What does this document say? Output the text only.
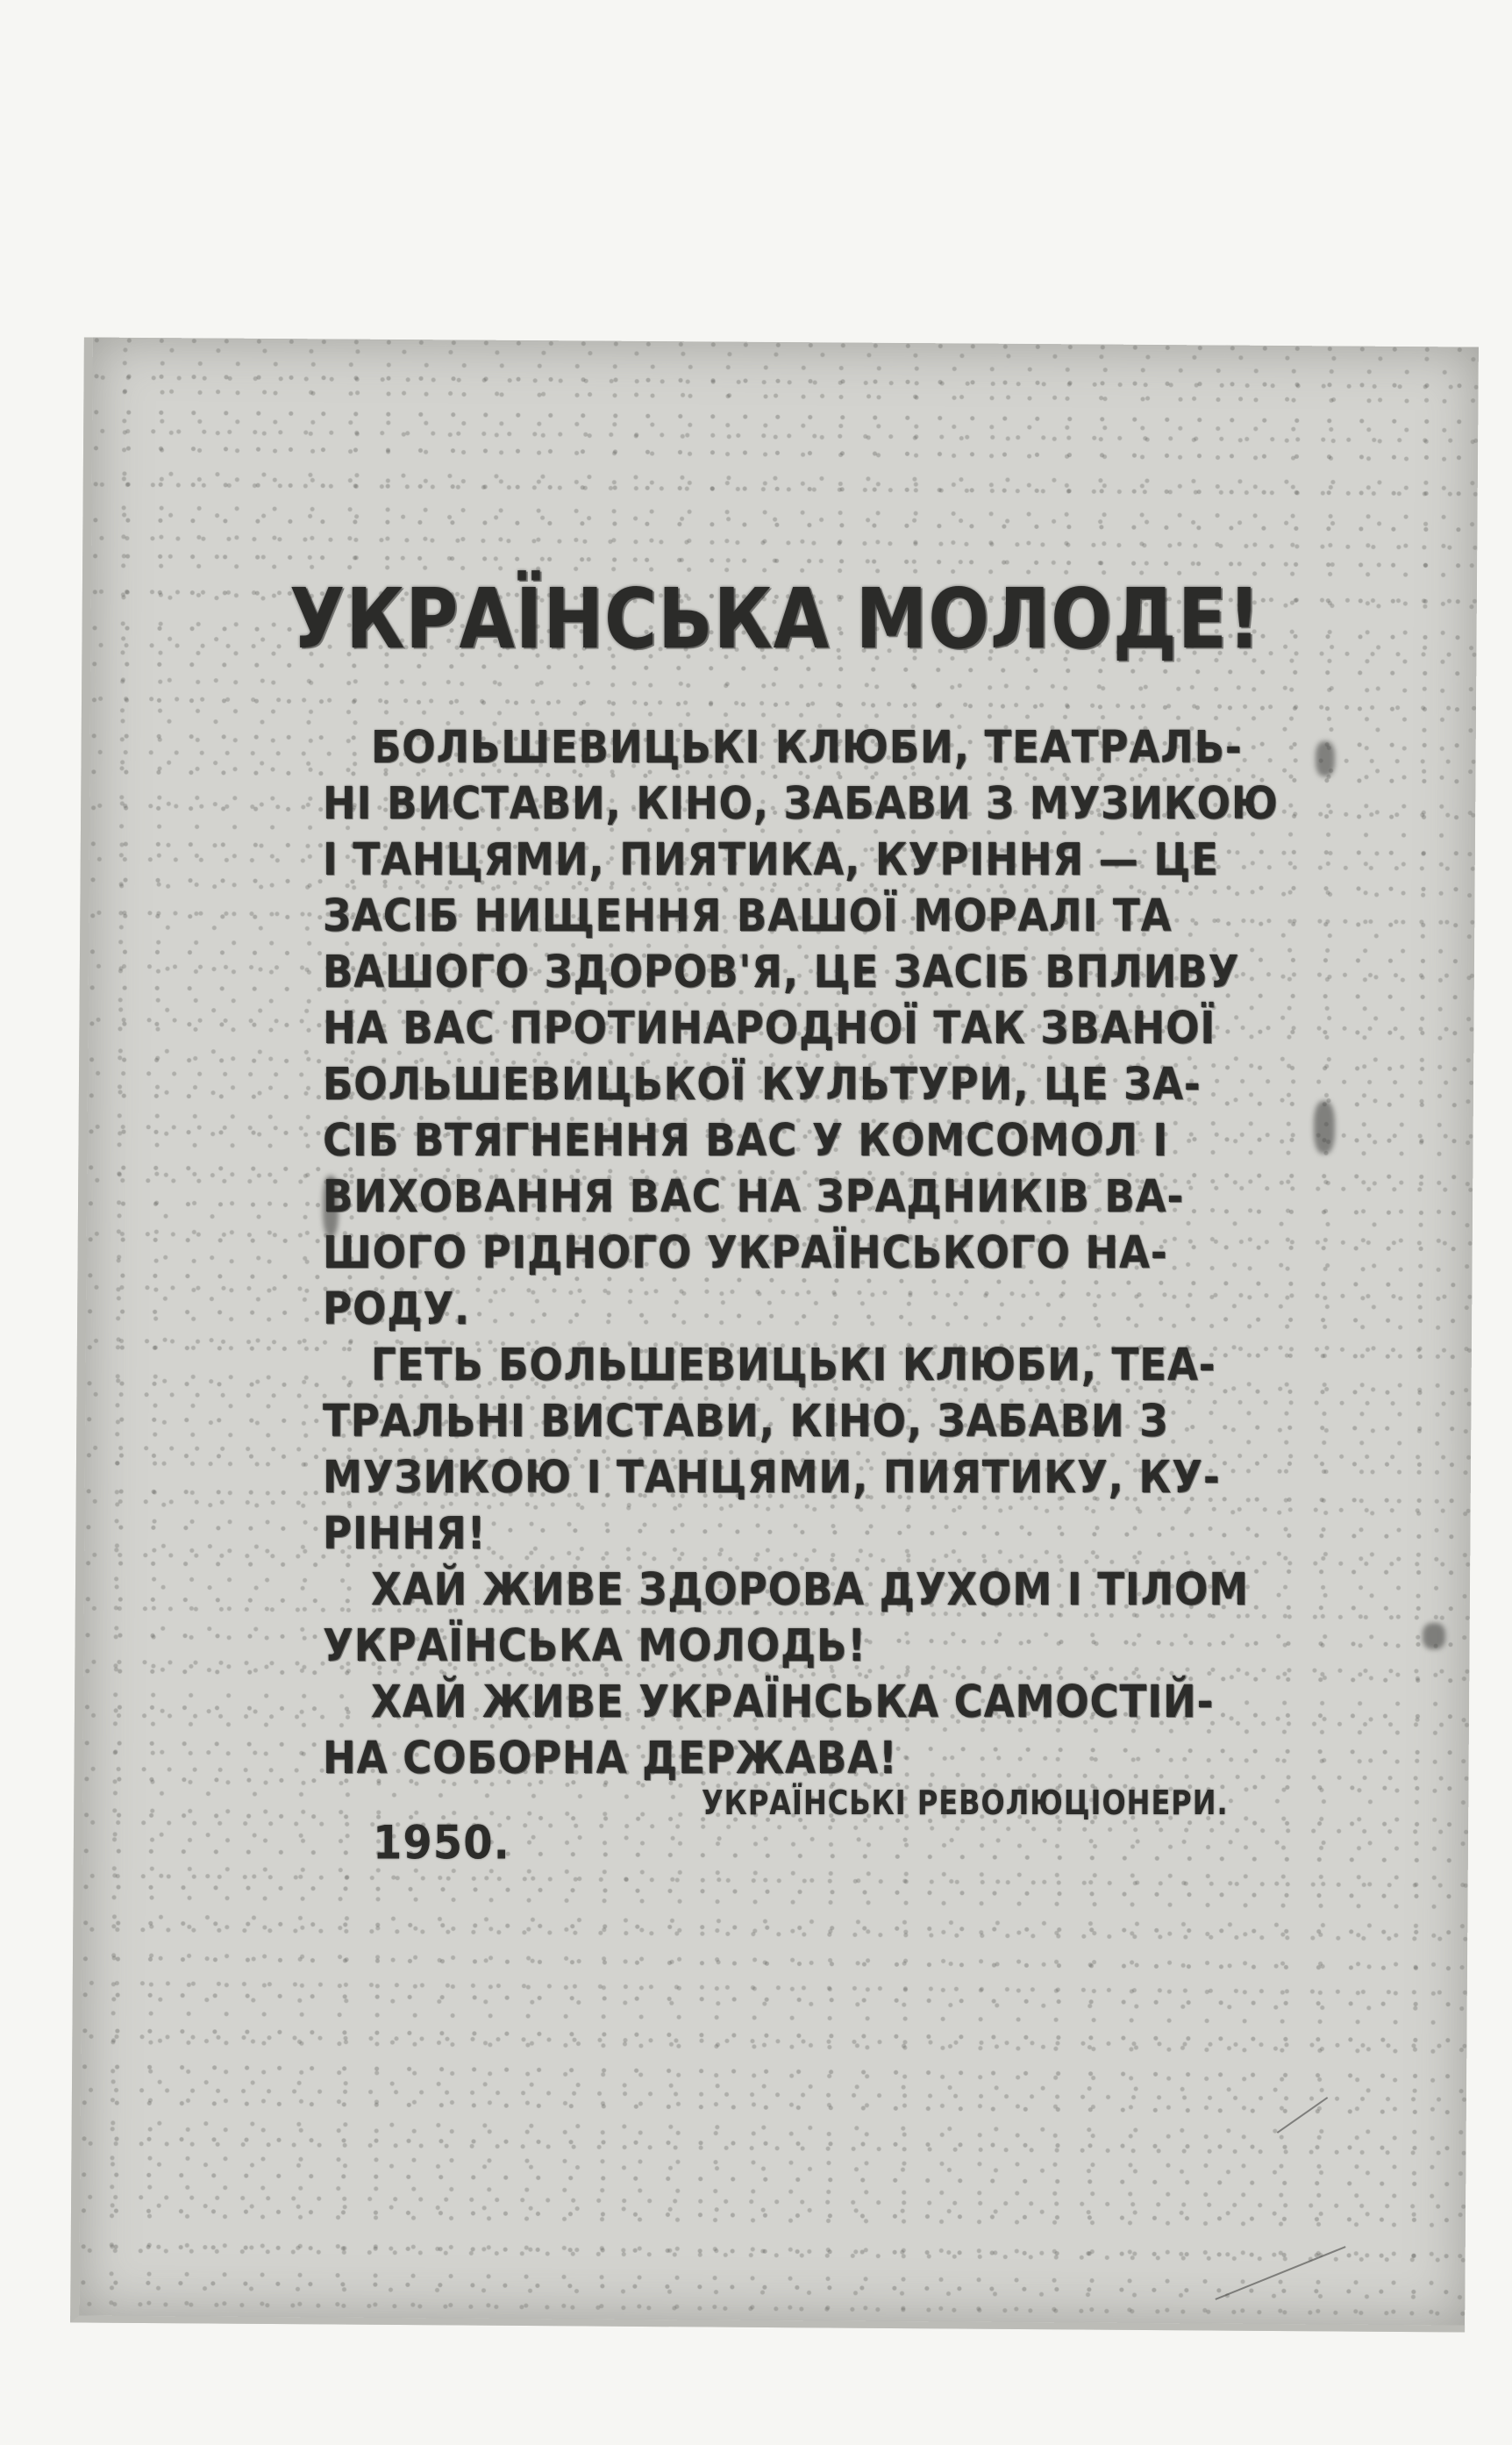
УКРАЇНСЬКА МОЛОДЕ!
БОЛЬШЕВИЦЬКІ КЛЮБИ, ТЕАТРАЛЬ-
НІ ВИСТАВИ, КІНО, ЗАБАВИ З МУЗИКОЮ
І ТАНЦЯМИ, ПИЯТИКА, КУРІННЯ — ЦЕ
ЗАСІБ НИЩЕННЯ ВАШОЇ МОРАЛІ ТА
ВАШОГО ЗДОРОВ'Я, ЦЕ ЗАСІБ ВПЛИВУ
НА ВАС ПРОТИНАРОДНОЇ ТАК ЗВАНОЇ
БОЛЬШЕВИЦЬКОЇ КУЛЬТУРИ, ЦЕ ЗА-
СІБ ВТЯГНЕННЯ ВАС У КОМСОМОЛ І
ВИХОВАННЯ ВАС НА ЗРАДНИКІВ ВА-
ШОГО РІДНОГО УКРАЇНСЬКОГО НА-
РОДУ.
ГЕТЬ БОЛЬШЕВИЦЬКІ КЛЮБИ, ТЕА-
ТРАЛЬНІ ВИСТАВИ, КІНО, ЗАБАВИ З
МУЗИКОЮ І ТАНЦЯМИ, ПИЯТИКУ, КУ-
РІННЯ!
ХАЙ ЖИВЕ ЗДОРОВА ДУХОМ І ТІЛОМ
УКРАЇНСЬКА МОЛОДЬ!
ХАЙ ЖИВЕ УКРАЇНСЬКА САМОСТІЙ-
НА СОБОРНА ДЕРЖАВА!
УКРАЇНСЬКІ РЕВОЛЮЦІОНЕРИ.
1950.
